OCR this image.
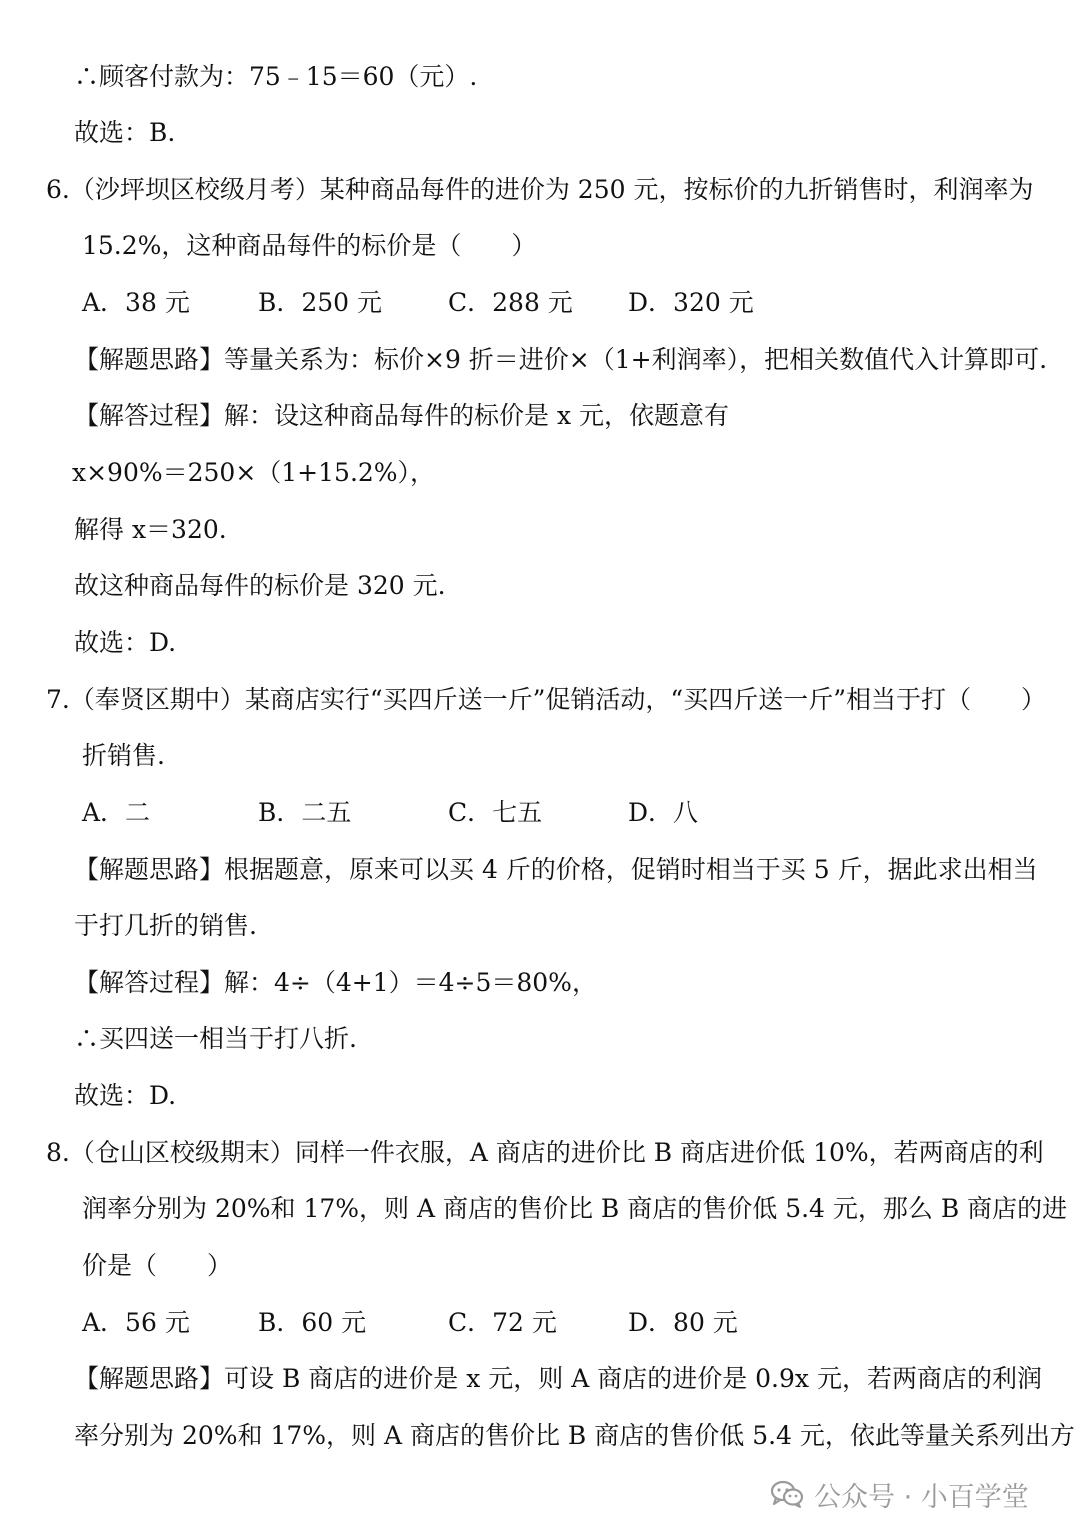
∴顾客付款为：75﹣15＝60（元）.
故选：B.
6.（沙坪坝区校级月考）某种商品每件的进价为 250 元，按标价的九折销售时，利润率为
15.2%，这种商品每件的标价是（　　）
A．38 元	B．250 元	C．288 元 D．320 元
【解题思路】等量关系为：标价×9 折＝进价×（1+利润率），把相关数值代入计算即可.
【解答过程】解：设这种商品每件的标价是 x 元，依题意有
x×90%＝250×（1+15.2%），
解得 x＝320.
故这种商品每件的标价是 320 元.
故选：D.
7.（奉贤区期中）某商店实行“买四斤送一斤”促销活动，“买四斤送一斤”相当于打（　　）
折销售.
A．二	B．二五	C．七五	D．八
【解题思路】根据题意，原来可以买 4 斤的价格，促销时相当于买 5 斤，据此求出相当
于打几折的销售.
【解答过程】解：4÷（4+1）＝4÷5＝80%，
∴买四送一相当于打八折.
故选：D.
8.（仓山区校级期末）同样一件衣服，A 商店的进价比 B 商店进价低 10%，若两商店的利
润率分别为 20%和 17%，则 A 商店的售价比 B 商店的售价低 5.4 元，那么 B 商店的进
价是（　　）
A．56 元	B．60 元	C．72 元	D．80 元
【解题思路】可设 B 商店的进价是 x 元，则 A 商店的进价是 0.9x 元，若两商店的利润
率分别为 20%和 17%，则 A 商店的售价比 B 商店的售价低 5.4 元，依此等量关系列出方
公众号 · 小百学堂
